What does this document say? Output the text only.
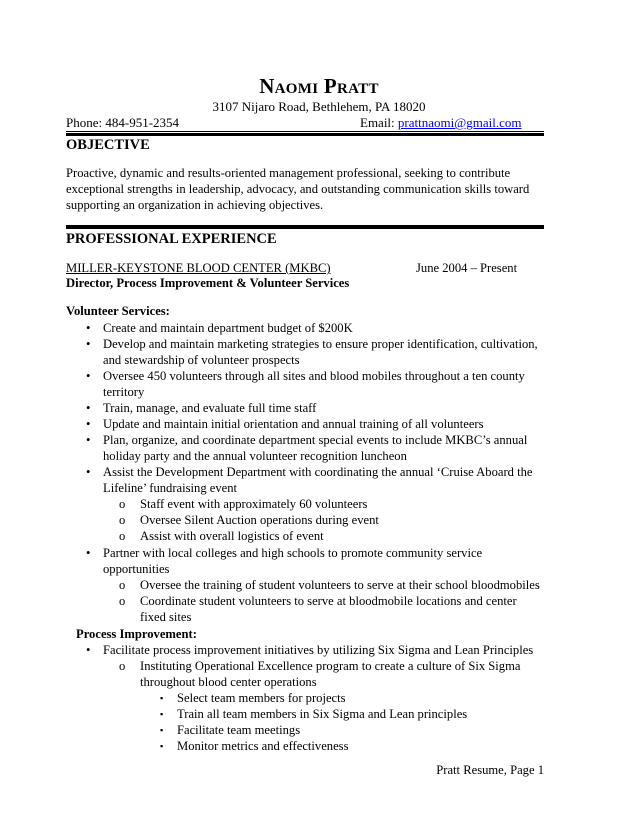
Naomi Pratt
3107 Nijaro Road, Bethlehem, PA 18020
Phone: 484-951-2354	Email: prattnaomi@gmail.com
OBJECTIVE
Proactive, dynamic and results-oriented management professional, seeking to contribute
exceptional strengths in leadership, advocacy, and outstanding communication skills toward
supporting an organization in achieving objectives.
PROFESSIONAL EXPERIENCE
MILLER-KEYSTONE BLOOD CENTER (MKBC)	June 2004 – Present
Director, Process Improvement & Volunteer Services
Volunteer Services:
• Create and maintain department budget of $200K
• Develop and maintain marketing strategies to ensure proper identification, cultivation, and stewardship of volunteer prospects
• Oversee 450 volunteers through all sites and blood mobiles throughout a ten county territory
• Train, manage, and evaluate full time staff
• Update and maintain initial orientation and annual training of all volunteers
• Plan, organize, and coordinate department special events to include MKBC’s annual holiday party and the annual volunteer recognition luncheon
• Assist the Development Department with coordinating the annual ‘Cruise Aboard the Lifeline’ fundraising event
o Staff event with approximately 60 volunteers
o Oversee Silent Auction operations during event
o Assist with overall logistics of event
• Partner with local colleges and high schools to promote community service opportunities
o Oversee the training of student volunteers to serve at their school bloodmobiles
o Coordinate student volunteers to serve at bloodmobile locations and center fixed sites
Process Improvement:
• Facilitate process improvement initiatives by utilizing Six Sigma and Lean Principles
o Instituting Operational Excellence program to create a culture of Six Sigma throughout blood center operations
▪ Select team members for projects
▪ Train all team members in Six Sigma and Lean principles
▪ Facilitate team meetings
▪ Monitor metrics and effectiveness
Pratt Resume, Page 1
